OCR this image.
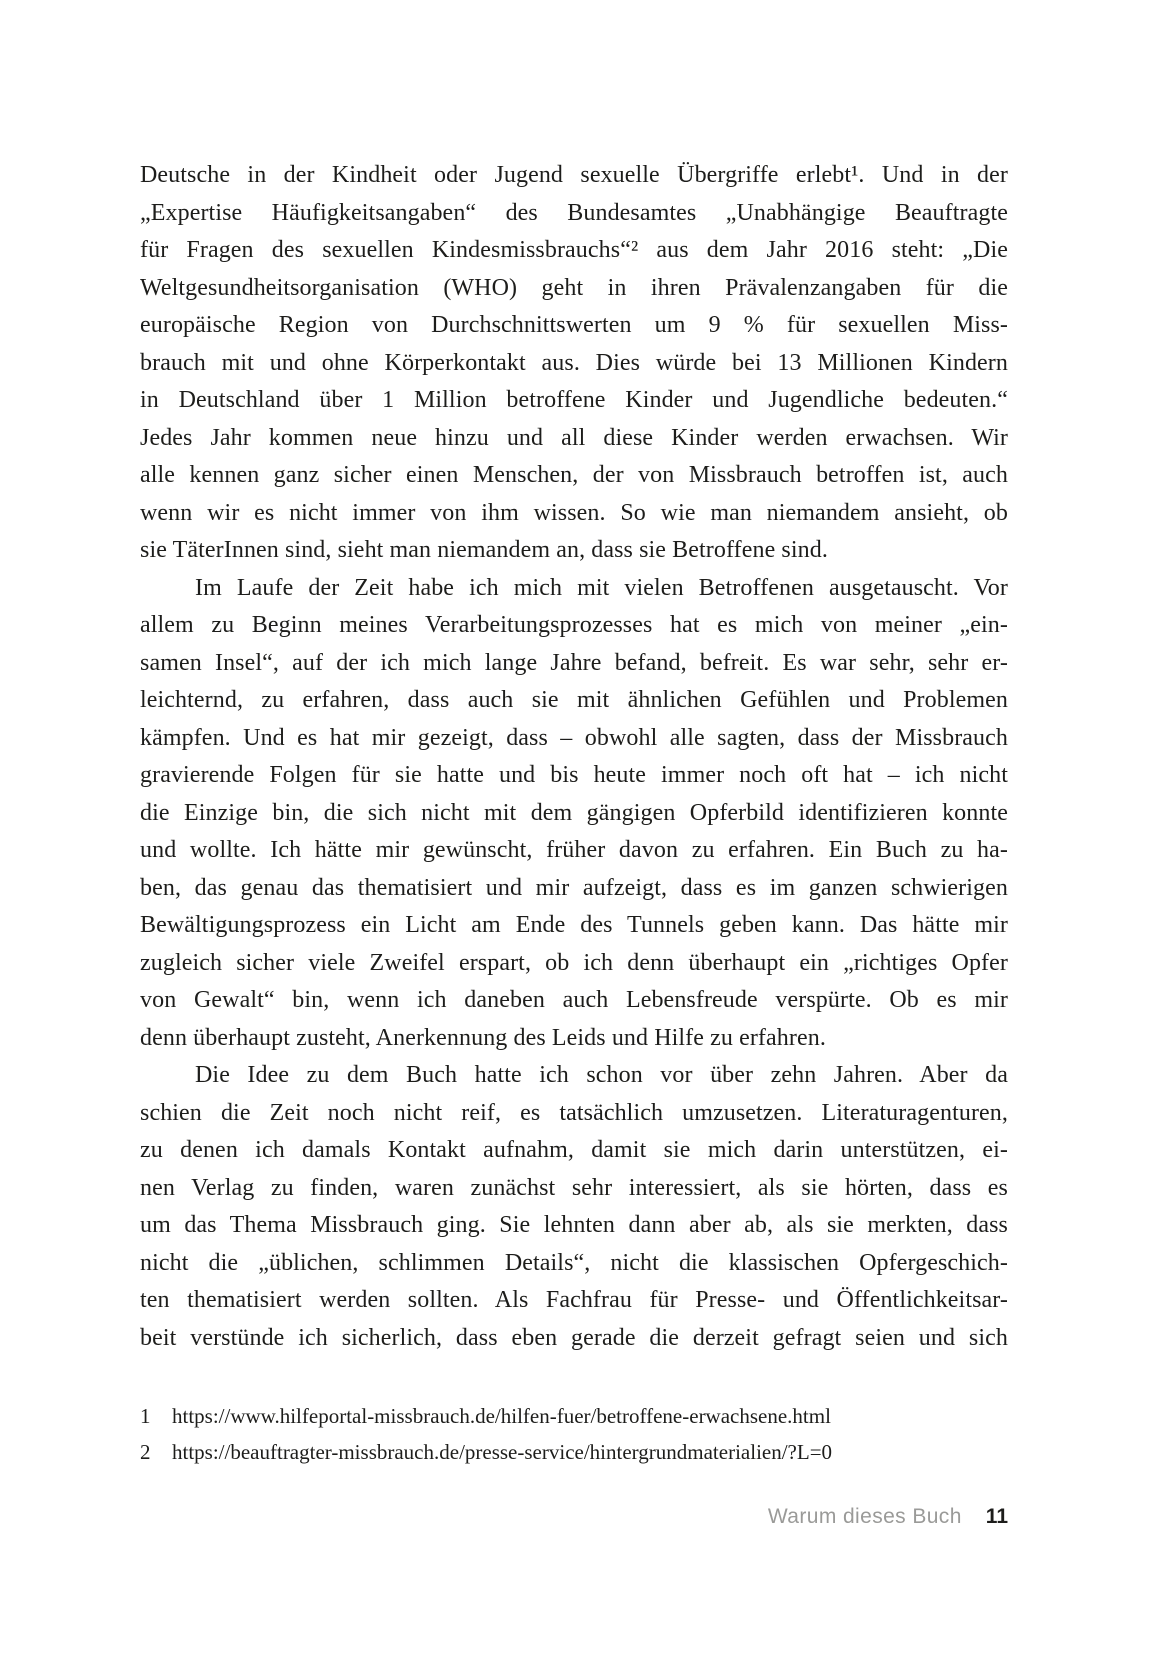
Deutsche in der Kindheit oder Jugend sexuelle Übergriffe erlebt¹. Und in der
„Expertise Häufigkeitsangaben“ des Bundesamtes „Unabhängige Beauftragte
für Fragen des sexuellen Kindesmissbrauchs“² aus dem Jahr 2016 steht: „Die
Weltgesundheitsorganisation (WHO) geht in ihren Prävalenzangaben für die
europäische Region von Durchschnittswerten um 9 % für sexuellen Miss-
brauch mit und ohne Körperkontakt aus. Dies würde bei 13 Millionen Kindern
in Deutschland über 1 Million betroffene Kinder und Jugendliche bedeuten.“
Jedes Jahr kommen neue hinzu und all diese Kinder werden erwachsen. Wir
alle kennen ganz sicher einen Menschen, der von Missbrauch betroffen ist, auch
wenn wir es nicht immer von ihm wissen. So wie man niemandem ansieht, ob
sie TäterInnen sind, sieht man niemandem an, dass sie Betroffene sind.
Im Laufe der Zeit habe ich mich mit vielen Betroffenen ausgetauscht. Vor
allem zu Beginn meines Verarbeitungsprozesses hat es mich von meiner „ein-
samen Insel“, auf der ich mich lange Jahre befand, befreit. Es war sehr, sehr er-
leichternd, zu erfahren, dass auch sie mit ähnlichen Gefühlen und Problemen
kämpfen. Und es hat mir gezeigt, dass – obwohl alle sagten, dass der Missbrauch
gravierende Folgen für sie hatte und bis heute immer noch oft hat – ich nicht
die Einzige bin, die sich nicht mit dem gängigen Opferbild identifizieren konnte
und wollte. Ich hätte mir gewünscht, früher davon zu erfahren. Ein Buch zu ha-
ben, das genau das thematisiert und mir aufzeigt, dass es im ganzen schwierigen
Bewältigungsprozess ein Licht am Ende des Tunnels geben kann. Das hätte mir
zugleich sicher viele Zweifel erspart, ob ich denn überhaupt ein „richtiges Opfer
von Gewalt“ bin, wenn ich daneben auch Lebensfreude verspürte. Ob es mir
denn überhaupt zusteht, Anerkennung des Leids und Hilfe zu erfahren.
Die Idee zu dem Buch hatte ich schon vor über zehn Jahren. Aber da
schien die Zeit noch nicht reif, es tatsächlich umzusetzen. Literaturagenturen,
zu denen ich damals Kontakt aufnahm, damit sie mich darin unterstützen, ei-
nen Verlag zu finden, waren zunächst sehr interessiert, als sie hörten, dass es
um das Thema Missbrauch ging. Sie lehnten dann aber ab, als sie merkten, dass
nicht die „üblichen, schlimmen Details“, nicht die klassischen Opfergeschich-
ten thematisiert werden sollten. Als Fachfrau für Presse- und Öffentlichkeitsar-
beit verstünde ich sicherlich, dass eben gerade die derzeit gefragt seien und sich
1	https://www.hilfeportal-missbrauch.de/hilfen-fuer/betroffene-erwachsene.html
2	https://beauftragter-missbrauch.de/presse-service/hintergrundmaterialien/?L=0
Warum dieses Buch 11
